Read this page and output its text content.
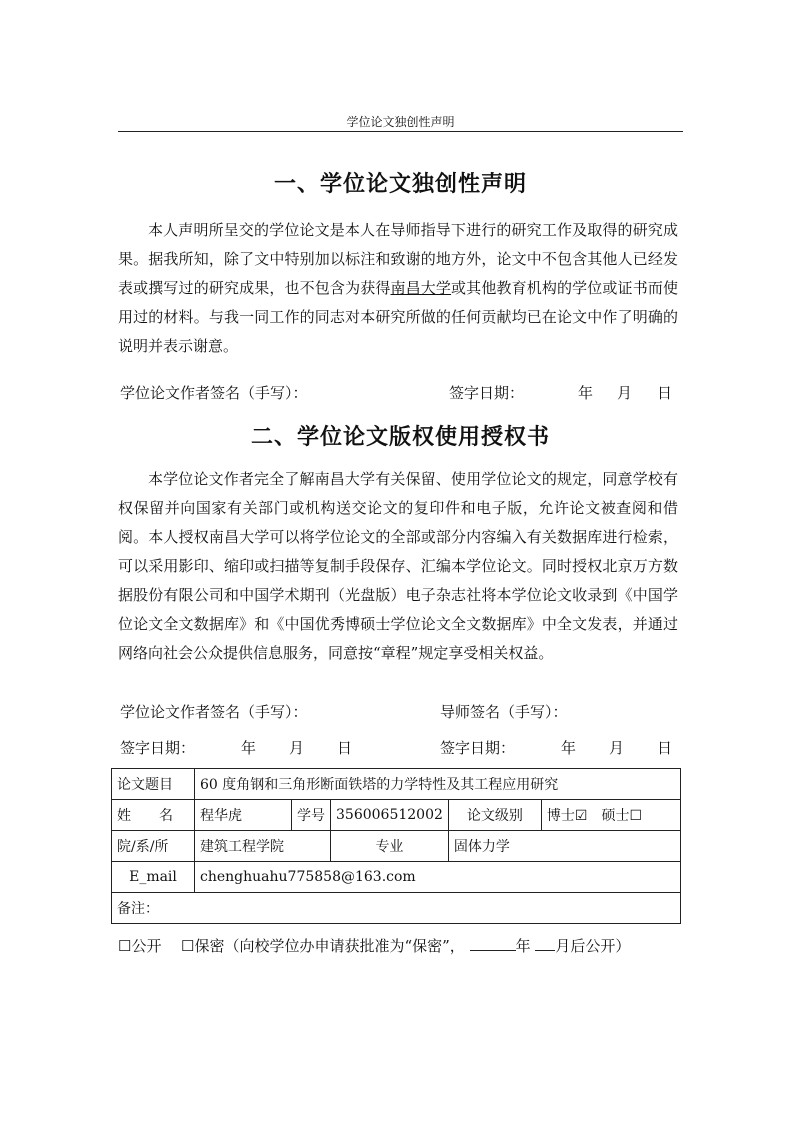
学位论文独创性声明
一、学位论文独创性声明

本人声明所呈交的学位论文是本人在导师指导下进行的研究工作及取得的研究成果。据我所知，除了文中特别加以标注和致谢的地方外，论文中不包含其他人已经发表或撰写过的研究成果，也不包含为获得南昌大学或其他教育机构的学位或证书而使用过的材料。与我一同工作的同志对本研究所做的任何贡献均已在论文中作了明确的说明并表示谢意。

学位论文作者签名（手写）：	签字日期：	年 月 日
二、学位论文版权使用授权书

本学位论文作者完全了解南昌大学有关保留、使用学位论文的规定，同意学校有权保留并向国家有关部门或机构送交论文的复印件和电子版，允许论文被查阅和借阅。本人授权南昌大学可以将学位论文的全部或部分内容编入有关数据库进行检索，可以采用影印、缩印或扫描等复制手段保存、汇编本学位论文。同时授权北京万方数据股份有限公司和中国学术期刊（光盘版）电子杂志社将本学位论文收录到《中国学位论文全文数据库》和《中国优秀博硕士学位论文全文数据库》中全文发表，并通过网络向社会公众提供信息服务，同意按“章程”规定享受相关权益。

学位论文作者签名（手写）：	导师签名（手写）：
签字日期：	年 月 日	签字日期：	年 月 日
论文题目	60 度角钢和三角形断面铁塔的力学特性及其工程应用研究				
姓　　名	程华虎	学号	356006512002	论文级别	博士☑　硕士☐
院/系/所	建筑工程学院		专业	固体力学	
E_mail	chenghuahu775858@163.com				
备注：					
☐公开 ☐保密（向校学位办申请获批准为“保密”，	年 月后公开）
